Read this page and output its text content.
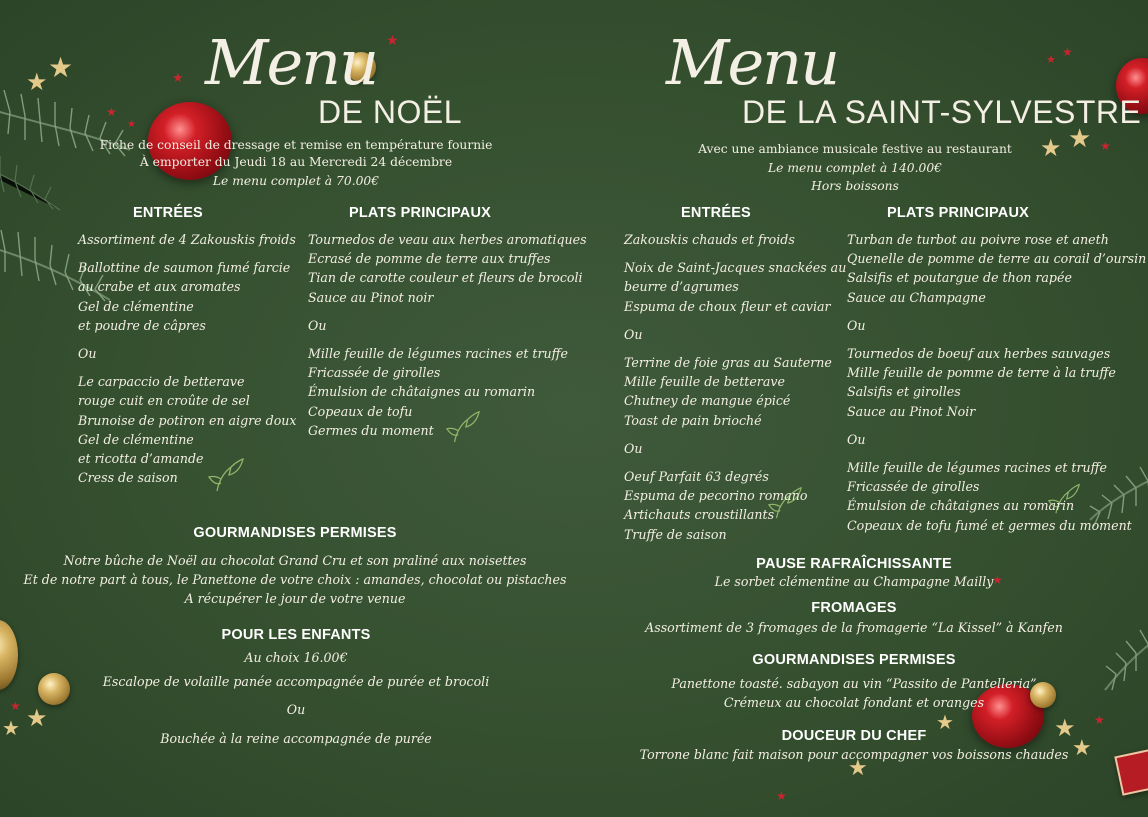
★
★	★
★
★
★
★
★
★
★
★	★
★
★
★
★
★
★
★
★
★
Menu
DE NOËL
Fiche de conseil de dressage et remise en température fournie
À emporter du Jeudi 18 au Mercredi 24 décembre
Le menu complet à 70.00€
ENTRÉES
Assortiment de 4 Zakouskis froids
Ballottine de saumon fumé farcie
au crabe et aux aromates
Gel de clémentine
et poudre de câpres
Ou
Le carpaccio de betterave
rouge cuit en croûte de sel
Brunoise de potiron en aigre doux
Gel de clémentine
et ricotta d’amande
Cress de saison
PLATS PRINCIPAUX
Tournedos de veau aux herbes aromatiques
Ecrasé de pomme de terre aux truffes
Tian de carotte couleur et fleurs de brocoli
Sauce au Pinot noir
Ou
Mille feuille de légumes racines et truffe
Fricassée de girolles
Émulsion de châtaignes au romarin
Copeaux de tofu
Germes du moment
GOURMANDISES PERMISES
Notre bûche de Noël au chocolat Grand Cru et son praliné aux noisettes
Et de notre part à tous, le Panettone de votre choix : amandes, chocolat ou pistaches
A récupérer le jour de votre venue
POUR LES ENFANTS
Au choix 16.00€
Escalope de volaille panée accompagnée de purée et brocoli
Ou
Bouchée à la reine accompagnée de purée
Menu
DE LA SAINT-SYLVESTRE
Avec une ambiance musicale festive au restaurant
Le menu complet à 140.00€
Hors boissons
ENTRÉES
Zakouskis chauds et froids
Noix de Saint-Jacques snackées au
beurre d’agrumes
Espuma de choux fleur et caviar
Ou
Terrine de foie gras au Sauterne
Mille feuille de betterave
Chutney de mangue épicé
Toast de pain brioché
Ou
Oeuf Parfait 63 degrés
Espuma de pecorino romano
Artichauts croustillants
Truffe de saison
PLATS PRINCIPAUX
Turban de turbot au poivre rose et aneth
Quenelle de pomme de terre au corail d’oursin
Salsifis et poutargue de thon rapée
Sauce au Champagne
Ou
Tournedos de boeuf aux herbes sauvages
Mille feuille de pomme de terre à la truffe
Salsifis et girolles
Sauce au Pinot Noir
Ou
Mille feuille de légumes racines et truffe
Fricassée de girolles
Émulsion de châtaignes au romarin
Copeaux de tofu fumé et germes du moment
PAUSE RAFRAÎCHISSANTE
Le sorbet clémentine au Champagne Mailly
FROMAGES
Assortiment de 3 fromages de la fromagerie “La Kissel” à Kanfen
GOURMANDISES PERMISES
Panettone toasté. sabayon au vin “Passito de Pantelleria”
Crémeux au chocolat fondant et oranges
DOUCEUR DU CHEF
Torrone blanc fait maison pour accompagner vos boissons chaudes
